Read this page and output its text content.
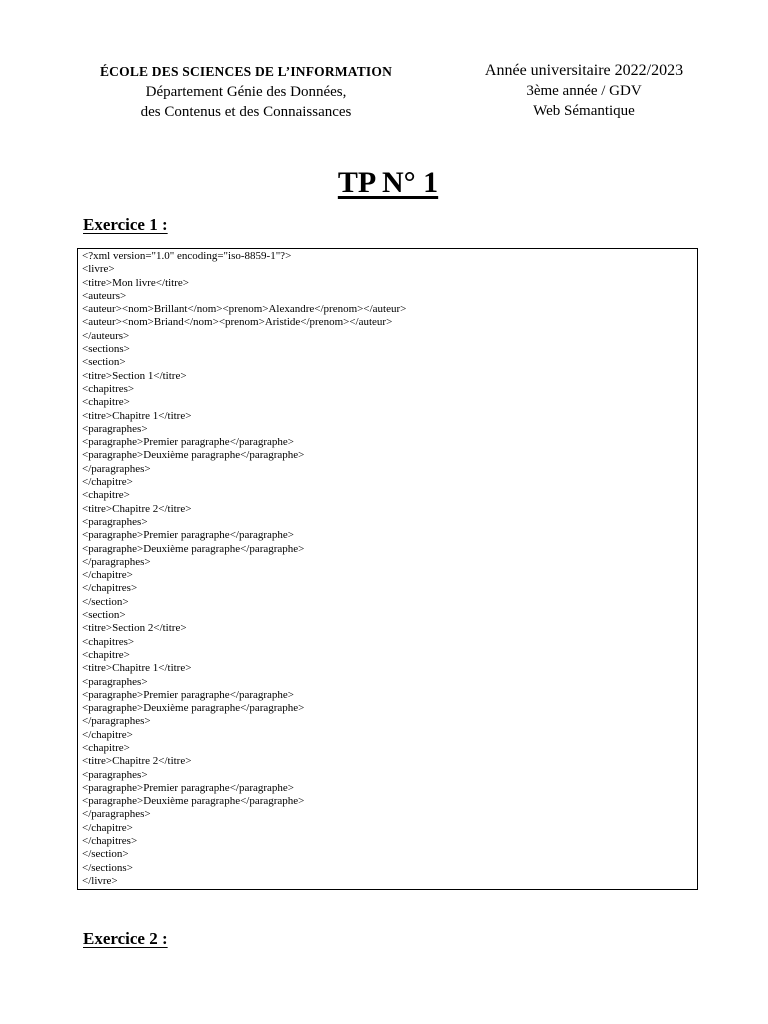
ÉCOLE DES SCIENCES DE L’INFORMATION
Département Génie des Données,
des Contenus et des Connaissances
Année universitaire 2022/2023
3ème année / GDV
Web Sémantique
TP N° 1
Exercice 1 :
<?xml version="1.0" encoding="iso-8859-1"?>
<livre>
<titre>Mon livre</titre>
<auteurs>
<auteur><nom>Brillant</nom><prenom>Alexandre</prenom></auteur>
<auteur><nom>Briand</nom><prenom>Aristide</prenom></auteur>
</auteurs>
<sections>
<section>
<titre>Section 1</titre>
<chapitres>
<chapitre>
<titre>Chapitre 1</titre>
<paragraphes>
<paragraphe>Premier paragraphe</paragraphe>
<paragraphe>Deuxième paragraphe</paragraphe>
</paragraphes>
</chapitre>
<chapitre>
<titre>Chapitre 2</titre>
<paragraphes>
<paragraphe>Premier paragraphe</paragraphe>
<paragraphe>Deuxième paragraphe</paragraphe>
</paragraphes>
</chapitre>
</chapitres>
</section>
<section>
<titre>Section 2</titre>
<chapitres>
<chapitre>
<titre>Chapitre 1</titre>
<paragraphes>
<paragraphe>Premier paragraphe</paragraphe>
<paragraphe>Deuxième paragraphe</paragraphe>
</paragraphes>
</chapitre>
<chapitre>
<titre>Chapitre 2</titre>
<paragraphes>
<paragraphe>Premier paragraphe</paragraphe>
<paragraphe>Deuxième paragraphe</paragraphe>
</paragraphes>
</chapitre>
</chapitres>
</section>
</sections>
</livre>
Exercice 2 :
